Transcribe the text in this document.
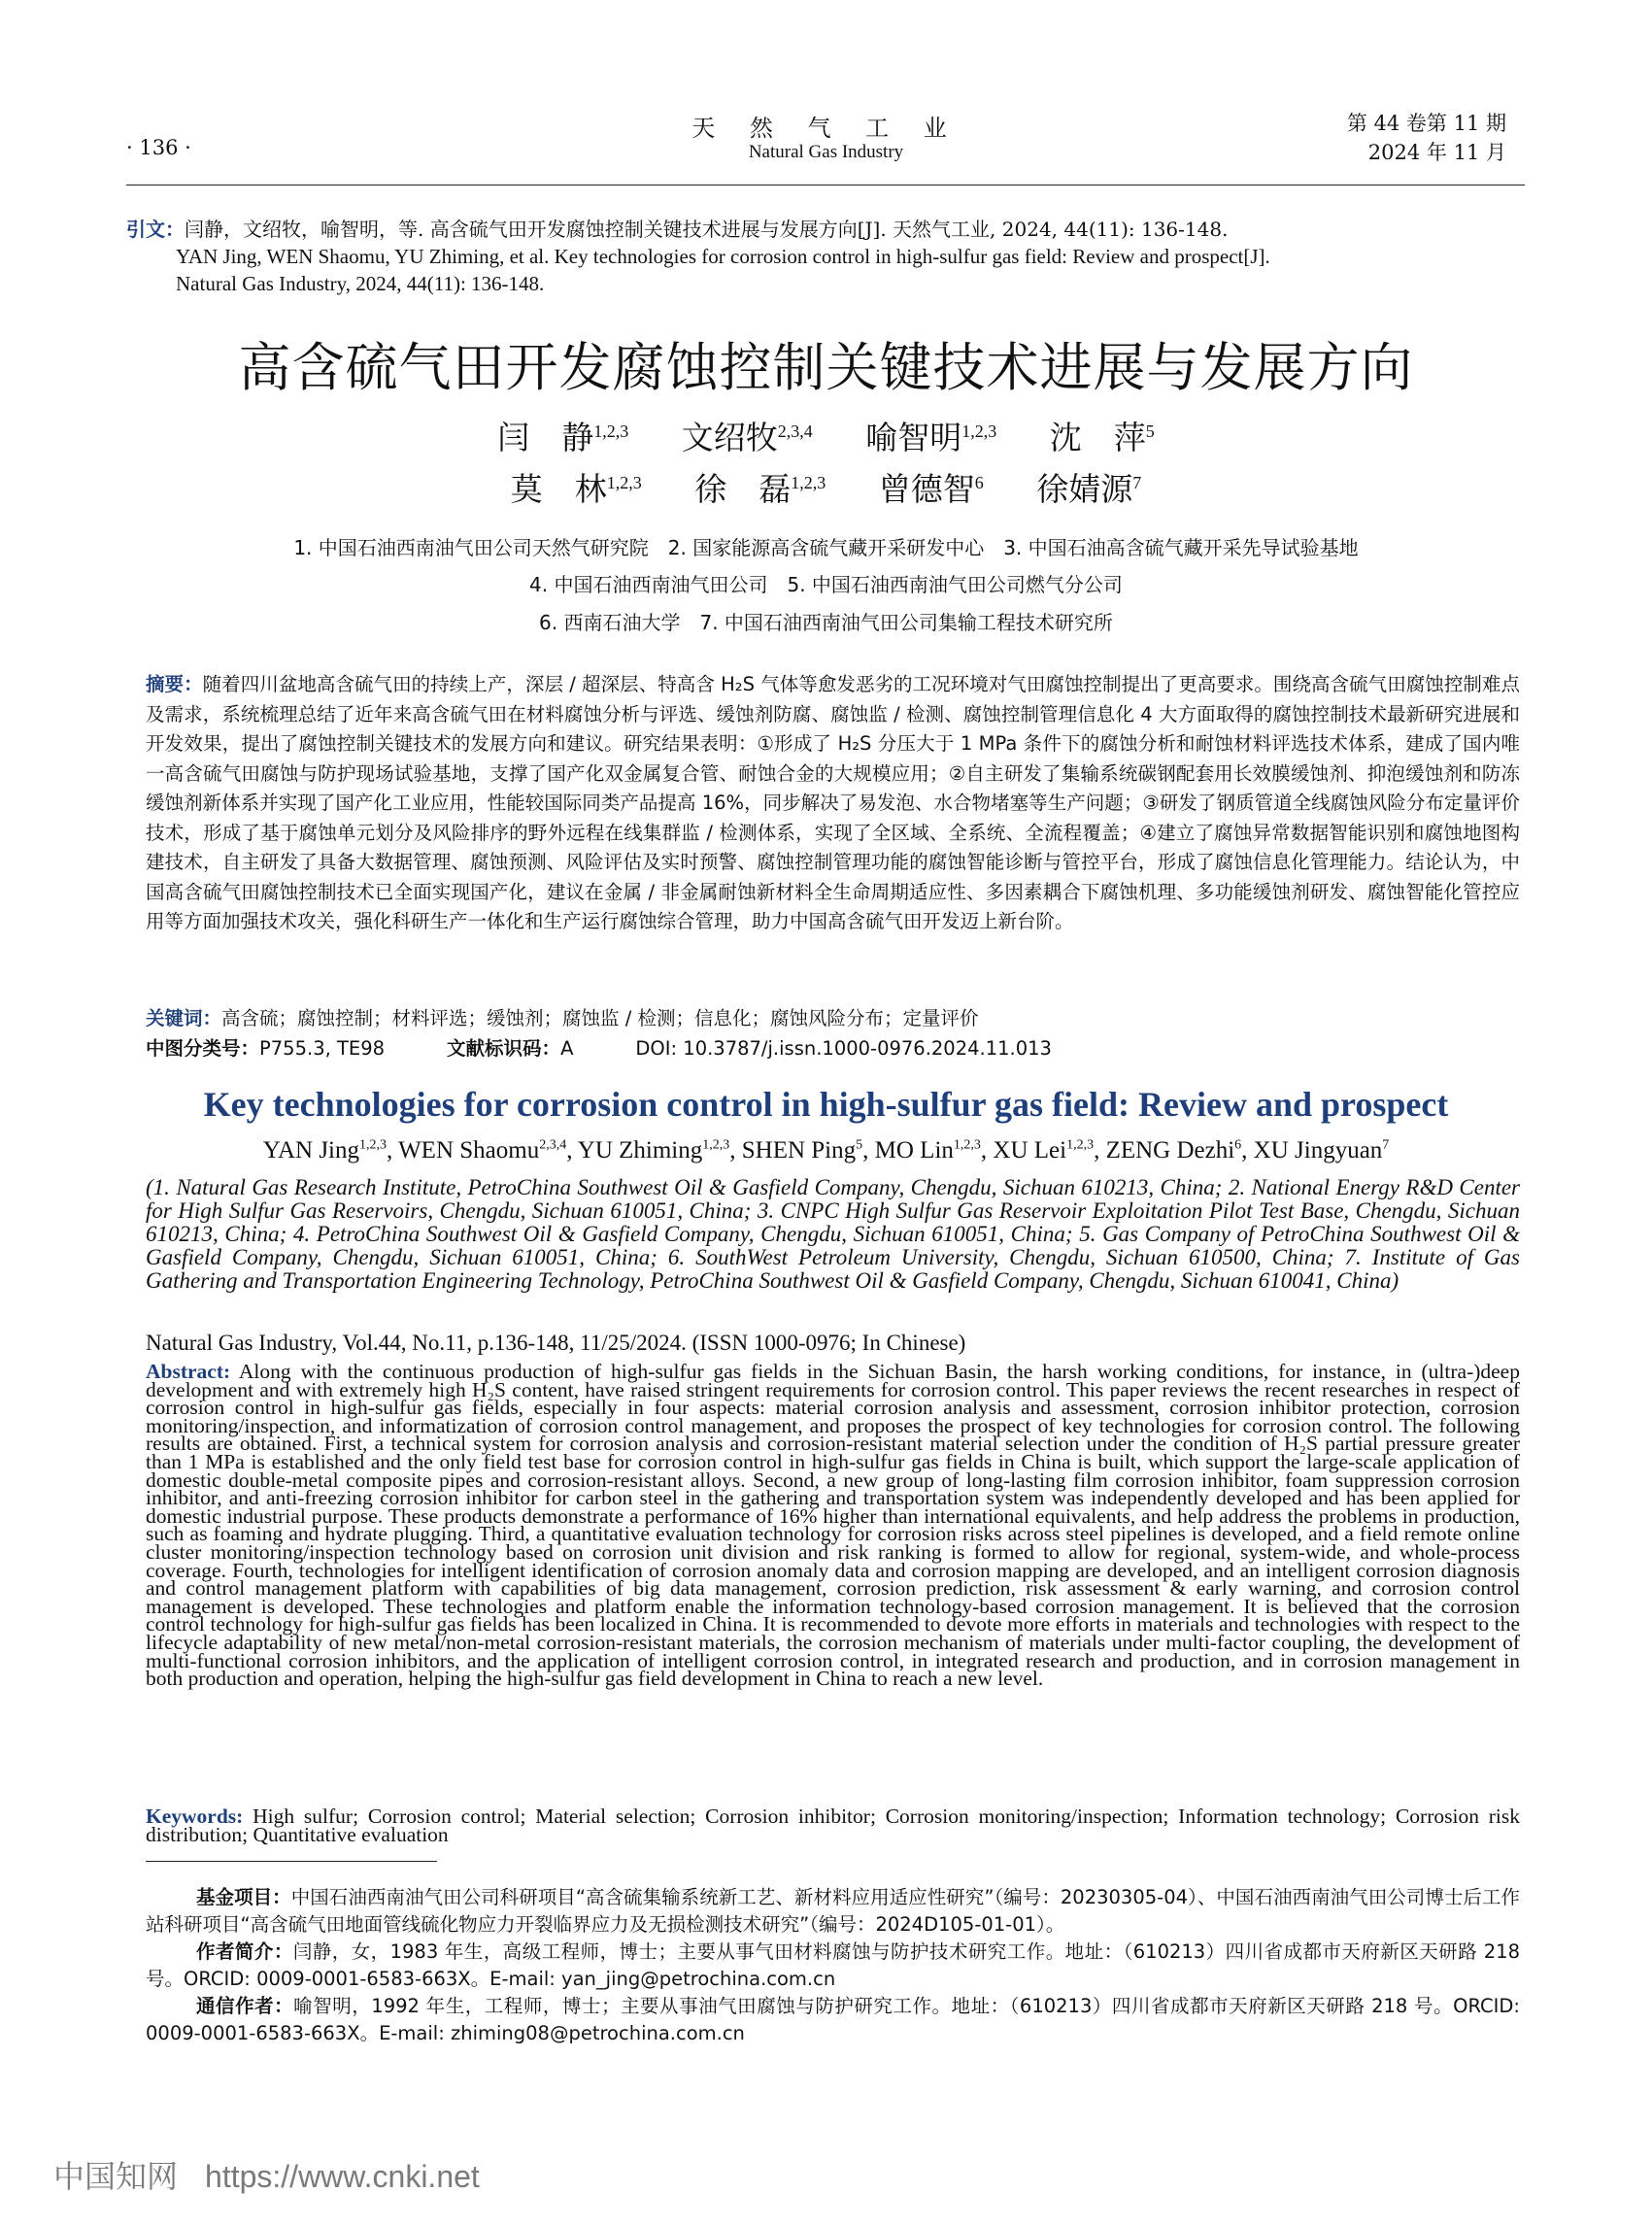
· 136 ·
天 然 气 工 业
Natural Gas Industry
第 44 卷第 11 期
2024 年 11 月
引文：闫静，文绍牧，喻智明，等. 高含硫气田开发腐蚀控制关键技术进展与发展方向[J]. 天然气工业, 2024, 44(11): 136-148.
YAN Jing, WEN Shaomu, YU Zhiming, et al. Key technologies for corrosion control in high-sulfur gas field: Review and prospect[J].
Natural Gas Industry, 2024, 44(11): 136-148.
高含硫气田开发腐蚀控制关键技术进展与发展方向
闫　静$^{1,2,3}$ 文绍牧$^{2,3,4}$ 喻智明$^{1,2,3}$ 沈　萍$^5$
莫　林$^{1,2,3}$ 徐　磊$^{1,2,3}$ 曾德智$^6$ 徐婧源$^7$
1. 中国石油西南油气田公司天然气研究院　2. 国家能源高含硫气藏开采研发中心　3. 中国石油高含硫气藏开采先导试验基地
4. 中国石油西南油气田公司　5. 中国石油西南油气田公司燃气分公司
6. 西南石油大学　7. 中国石油西南油气田公司集输工程技术研究所
摘要：随着四川盆地高含硫气田的持续上产，深层 / 超深层、特高含 H₂S 气体等愈发恶劣的工况环境对气田腐蚀控制提出了更高要求。围绕高含硫气田腐蚀控制难点及需求，系统梳理总结了近年来高含硫气田在材料腐蚀分析与评选、缓蚀剂防腐、腐蚀监 / 检测、腐蚀控制管理信息化 4 大方面取得的腐蚀控制技术最新研究进展和开发效果，提出了腐蚀控制关键技术的发展方向和建议。研究结果表明：①形成了 H₂S 分压大于 1 MPa 条件下的腐蚀分析和耐蚀材料评选技术体系，建成了国内唯一高含硫气田腐蚀与防护现场试验基地，支撑了国产化双金属复合管、耐蚀合金的大规模应用；②自主研发了集输系统碳钢配套用长效膜缓蚀剂、抑泡缓蚀剂和防冻缓蚀剂新体系并实现了国产化工业应用，性能较国际同类产品提高 16%，同步解决了易发泡、水合物堵塞等生产问题；③研发了钢质管道全线腐蚀风险分布定量评价技术，形成了基于腐蚀单元划分及风险排序的野外远程在线集群监 / 检测体系，实现了全区域、全系统、全流程覆盖；④建立了腐蚀异常数据智能识别和腐蚀地图构建技术，自主研发了具备大数据管理、腐蚀预测、风险评估及实时预警、腐蚀控制管理功能的腐蚀智能诊断与管控平台，形成了腐蚀信息化管理能力。结论认为，中国高含硫气田腐蚀控制技术已全面实现国产化，建议在金属 / 非金属耐蚀新材料全生命周期适应性、多因素耦合下腐蚀机理、多功能缓蚀剂研发、腐蚀智能化管控应用等方面加强技术攻关，强化科研生产一体化和生产运行腐蚀综合管理，助力中国高含硫气田开发迈上新台阶。
关键词：高含硫；腐蚀控制；材料评选；缓蚀剂；腐蚀监 / 检测；信息化；腐蚀风险分布；定量评价
中图分类号：P755.3, TE98	文献标识码：A	DOI: 10.3787/j.issn.1000-0976.2024.11.013
Key technologies for corrosion control in high-sulfur gas field: Review and prospect
YAN Jing$^{1,2,3}$, WEN Shaomu$^{2,3,4}$, YU Zhiming$^{1,2,3}$, SHEN Ping$^5$, MO Lin$^{1,2,3}$, XU Lei$^{1,2,3}$, ZENG Dezhi$^6$, XU Jingyuan$^7$
(1. Natural Gas Research Institute, PetroChina Southwest Oil & Gasfield Company, Chengdu, Sichuan 610213, China; 2. National Energy R&D Center for High Sulfur Gas Reservoirs, Chengdu, Sichuan 610051, China; 3. CNPC High Sulfur Gas Reservoir Exploitation Pilot Test Base, Chengdu, Sichuan 610213, China; 4. PetroChina Southwest Oil & Gasfield Company, Chengdu, Sichuan 610051, China; 5. Gas Company of PetroChina Southwest Oil & Gasfield Company, Chengdu, Sichuan 610051, China; 6. SouthWest Petroleum University, Chengdu, Sichuan 610500, China; 7. Institute of Gas Gathering and Transportation Engineering Technology, PetroChina Southwest Oil & Gasfield Company, Chengdu, Sichuan 610041, China)
Natural Gas Industry, Vol.44, No.11, p.136-148, 11/25/2024. (ISSN 1000-0976; In Chinese)
Abstract: Along with the continuous production of high-sulfur gas fields in the Sichuan Basin, the harsh working conditions, for instance, in (ultra-)deep development and with extremely high H₂S content, have raised stringent requirements for corrosion control. This paper reviews the recent researches in respect of corrosion control in high-sulfur gas fields, especially in four aspects: material corrosion analysis and assessment, corrosion inhibitor protection, corrosion monitoring/inspection, and informatization of corrosion control management, and proposes the prospect of key technologies for corrosion control. The following results are obtained. First, a technical system for corrosion analysis and corrosion-resistant material selection under the condition of H₂S partial pressure greater than 1 MPa is established and the only field test base for corrosion control in high-sulfur gas fields in China is built, which support the large-scale application of domestic double-metal composite pipes and corrosion-resistant alloys. Second, a new group of long-lasting film corrosion inhibitor, foam suppression corrosion inhibitor, and anti-freezing corrosion inhibitor for carbon steel in the gathering and transportation system was independently developed and has been applied for domestic industrial purpose. These products demonstrate a performance of 16% higher than international equivalents, and help address the problems in production, such as foaming and hydrate plugging. Third, a quantitative evaluation technology for corrosion risks across steel pipelines is developed, and a field remote online cluster monitoring/inspection technology based on corrosion unit division and risk ranking is formed to allow for regional, system-wide, and whole-process coverage. Fourth, technologies for intelligent identification of corrosion anomaly data and corrosion mapping are developed, and an intelligent corrosion diagnosis and control management platform with capabilities of big data management, corrosion prediction, risk assessment & early warning, and corrosion control management is developed. These technologies and platform enable the information technology-based corrosion management. It is believed that the corrosion control technology for high-sulfur gas fields has been localized in China. It is recommended to devote more efforts in materials and technologies with respect to the lifecycle adaptability of new metal/non-metal corrosion-resistant materials, the corrosion mechanism of materials under multi-factor coupling, the development of multi-functional corrosion inhibitors, and the application of intelligent corrosion control, in integrated research and production, and in corrosion management in both production and operation, helping the high-sulfur gas field development in China to reach a new level.
Keywords: High sulfur; Corrosion control; Material selection; Corrosion inhibitor; Corrosion monitoring/inspection; Information technology; Corrosion risk distribution; Quantitative evaluation

基金项目：中国石油西南油气田公司科研项目“高含硫集输系统新工艺、新材料应用适应性研究”（编号：20230305-04）、中国石油西南油气田公司博士后工作站科研项目“高含硫气田地面管线硫化物应力开裂临界应力及无损检测技术研究”（编号：2024D105-01-01）。

作者简介：闫静，女，1983 年生，高级工程师，博士；主要从事气田材料腐蚀与防护技术研究工作。地址：（610213）四川省成都市天府新区天研路 218 号。ORCID: 0009-0001-6583-663X。E-mail: yan_jing@petrochina.com.cn

通信作者：喻智明，1992 年生，工程师，博士；主要从事油气田腐蚀与防护研究工作。地址：（610213）四川省成都市天府新区天研路 218 号。ORCID: 0009-0001-6583-663X。E-mail: zhiming08@petrochina.com.cn

中国知网 https://www.cnki.net
